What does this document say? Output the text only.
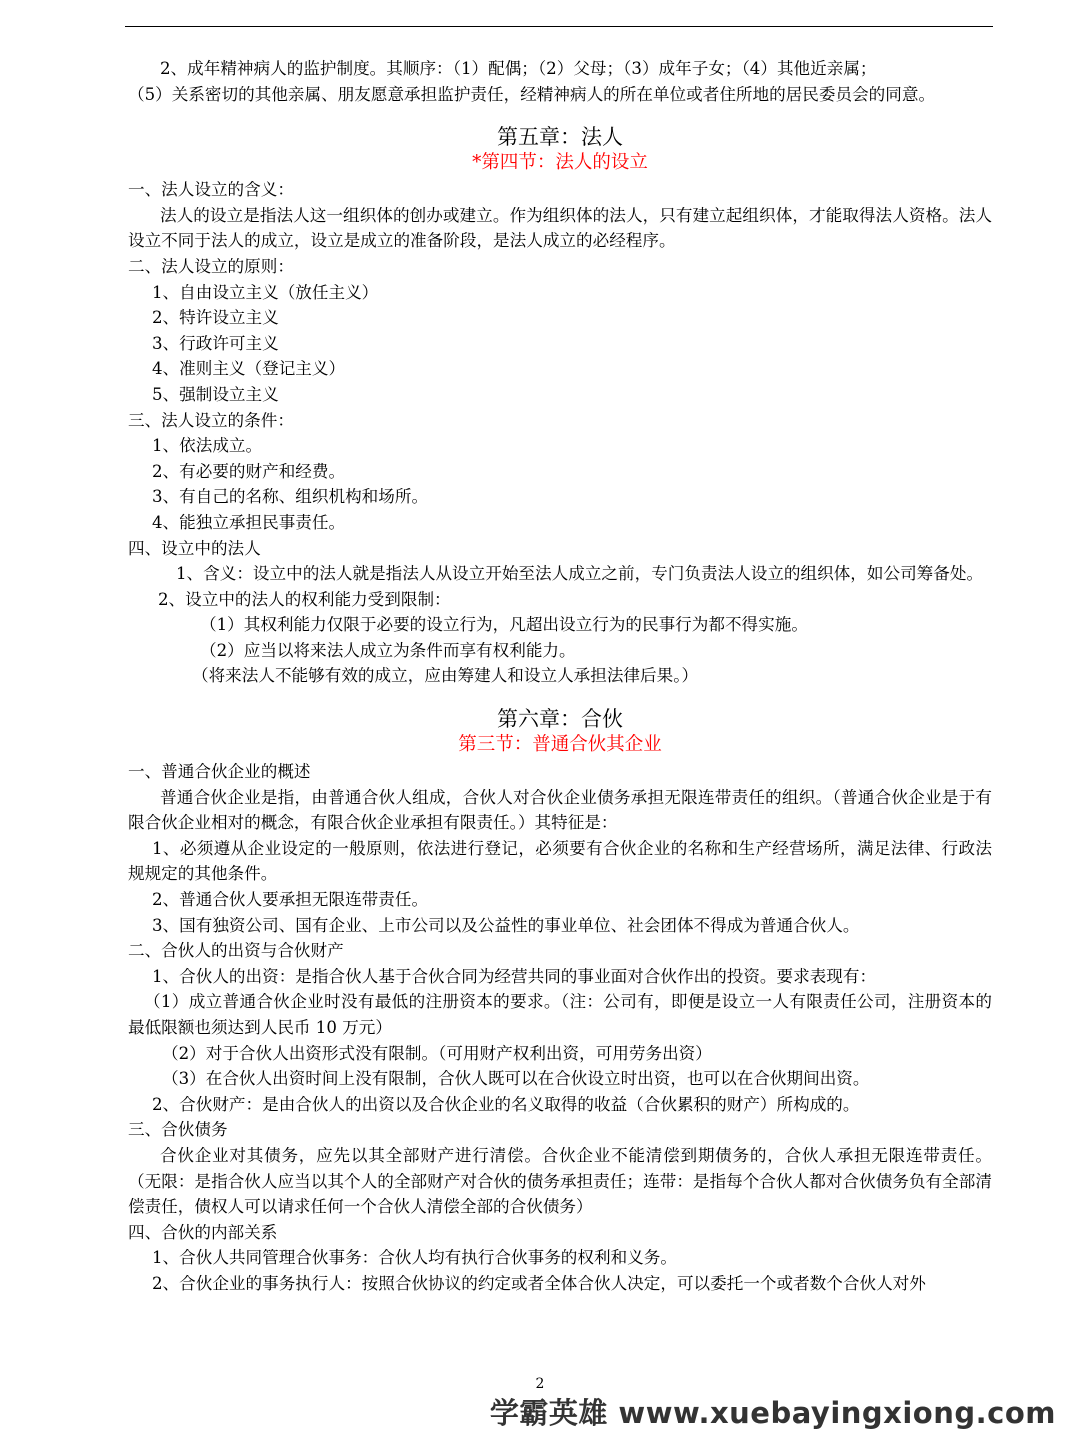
2、成年精神病人的监护制度。其顺序：（1）配偶；（2）父母；（3）成年子女；（4）其他近亲属；

（5）关系密切的其他亲属、朋友愿意承担监护责任，经精神病人的所在单位或者住所地的居民委员会的同意。

第五章：法人

*第四节：法人的设立

一、法人设立的含义：

法人的设立是指法人这一组织体的创办或建立。作为组织体的法人，只有建立起组织体，才能取得法人资格。法人设立不同于法人的成立，设立是成立的准备阶段，是法人成立的必经程序。

二、法人设立的原则：

1、自由设立主义（放任主义）

2、特许设立主义

3、行政许可主义

4、准则主义（登记主义）

5、强制设立主义

三、法人设立的条件：

1、依法成立。

2、有必要的财产和经费。

3、有自己的名称、组织机构和场所。

4、能独立承担民事责任。

四、设立中的法人

1、含义：设立中的法人就是指法人从设立开始至法人成立之前，专门负责法人设立的组织体，如公司筹备处。

2、设立中的法人的权利能力受到限制：

（1）其权利能力仅限于必要的设立行为，凡超出设立行为的民事行为都不得实施。

（2）应当以将来法人成立为条件而享有权利能力。

（将来法人不能够有效的成立，应由筹建人和设立人承担法律后果。）

第六章：合伙

第三节：普通合伙其企业

一、普通合伙企业的概述

普通合伙企业是指，由普通合伙人组成，合伙人对合伙企业债务承担无限连带责任的组织。（普通合伙企业是于有限合伙企业相对的概念，有限合伙企业承担有限责任。）其特征是：

1、必须遵从企业设定的一般原则，依法进行登记，必须要有合伙企业的名称和生产经营场所，满足法律、行政法规规定的其他条件。

2、普通合伙人要承担无限连带责任。

3、国有独资公司、国有企业、上市公司以及公益性的事业单位、社会团体不得成为普通合伙人。

二、合伙人的出资与合伙财产

1、合伙人的出资：是指合伙人基于合伙合同为经营共同的事业面对合伙作出的投资。要求表现有：

（1）成立普通合伙企业时没有最低的注册资本的要求。（注：公司有，即便是设立一人有限责任公司，注册资本的最低限额也须达到人民币 10 万元）

（2）对于合伙人出资形式没有限制。（可用财产权利出资，可用劳务出资）

（3）在合伙人出资时间上没有限制，合伙人既可以在合伙设立时出资，也可以在合伙期间出资。

2、合伙财产：是由合伙人的出资以及合伙企业的名义取得的收益（合伙累积的财产）所构成的。

三、合伙债务

合伙企业对其债务，应先以其全部财产进行清偿。合伙企业不能清偿到期债务的，合伙人承担无限连带责任。 （无限：是指合伙人应当以其个人的全部财产对合伙的债务承担责任；连带：是指每个合伙人都对合伙债务负有全部清偿责任，债权人可以请求任何一个合伙人清偿全部的合伙债务）

四、合伙的内部关系

1、合伙人共同管理合伙事务：合伙人均有执行合伙事务的权利和义务。

2、合伙企业的事务执行人：按照合伙协议的约定或者全体合伙人决定，可以委托一个或者数个合伙人对外

2
学霸英雄 www.xuebayingxiong.com
